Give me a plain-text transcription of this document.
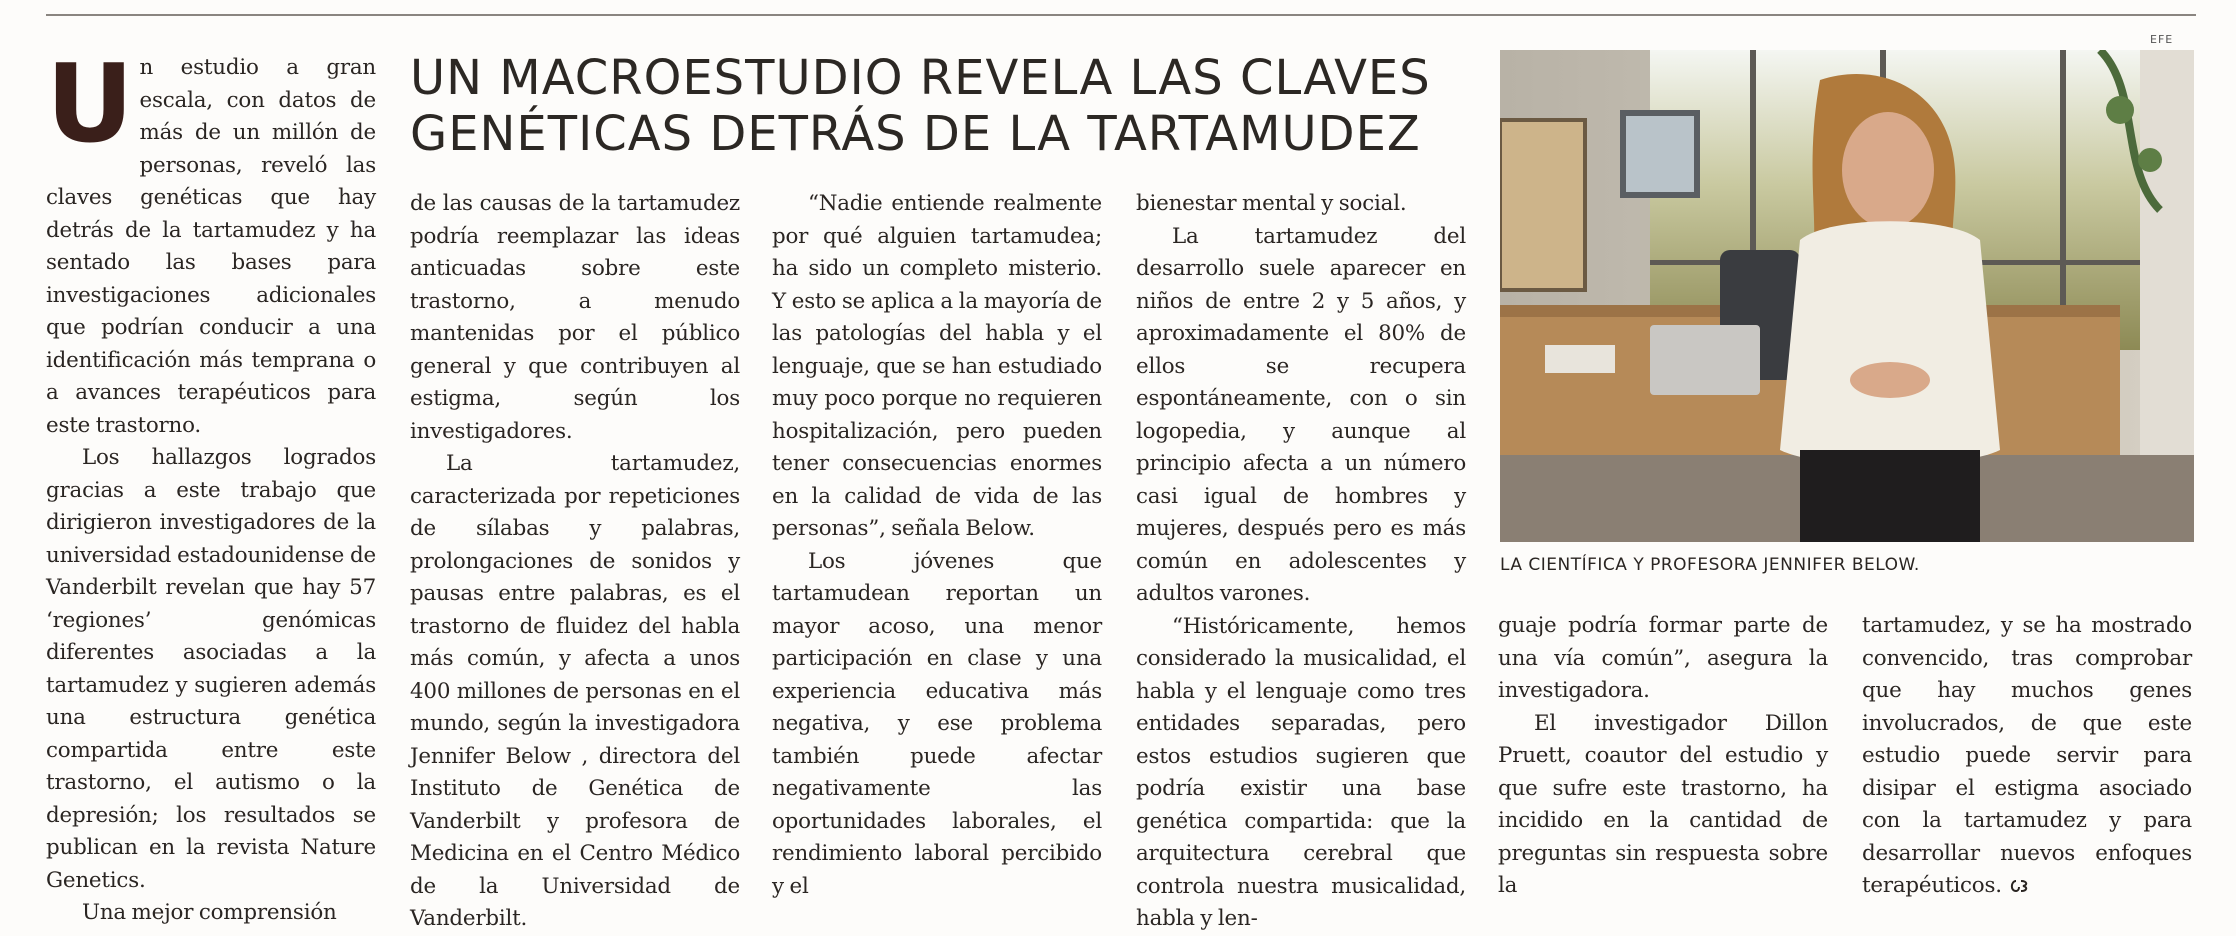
UN MACROESTUDIO REVELA LAS CLAVES
GENÉTICAS DETRÁS DE LA TARTAMUDEZ

Un estudio a gran escala, con datos de más de un millón de personas, reveló las claves genéticas que hay detrás de la tartamudez y ha sentado las bases para investigaciones adicionales que podrían conducir a una identificación más temprana o a avances terapéuticos para este trastorno.

Los hallazgos logrados gracias a este trabajo que dirigieron investigadores de la universidad estadounidense de Vanderbilt revelan que hay 57 ‘regiones’ genómicas diferentes asociadas a la tartamudez y sugieren además una estructura genética compartida entre este trastorno, el autismo o la depresión; los resultados se publican en la revista Nature Genetics.

Una mejor comprensión

de las causas de la tartamudez podría reemplazar las ideas anticuadas sobre este trastorno, a menudo mantenidas por el público general y que contribuyen al estigma, según los investigadores.

La tartamudez, caracterizada por repeticiones de sílabas y palabras, prolongaciones de sonidos y pausas entre palabras, es el trastorno de fluidez del habla más común, y afecta a unos 400 millones de personas en el mundo, según la investigadora Jennifer Below , directora del Instituto de Genética de Vanderbilt y profesora de Medicina en el Centro Médico de la Universidad de Vanderbilt.

“Nadie entiende realmente por qué alguien tartamudea; ha sido un completo misterio. Y esto se aplica a la mayoría de las patologías del habla y el lenguaje, que se han estudiado muy poco porque no requieren hospitalización, pero pueden tener consecuencias enormes en la calidad de vida de las personas”, señala Below.

Los jóvenes que tartamudean reportan un mayor acoso, una menor participación en clase y una experiencia educativa más negativa, y ese problema también puede afectar negativamente las oportunidades laborales, el rendimiento laboral percibido y el

bienestar mental y social.

La tartamudez del desarrollo suele aparecer en niños de entre 2 y 5 años, y aproximadamente el 80% de ellos se recupera espontáneamente, con o sin logopedia, y aunque al principio afecta a un número casi igual de hombres y mujeres, después pero es más común en adolescentes y adultos varones.

“Históricamente, hemos considerado la musicalidad, el habla y el lenguaje como tres entidades separadas, pero estos estudios sugieren que podría existir una base genética compartida: que la arquitectura cerebral que controla nuestra musicalidad, habla y len-

guaje podría formar parte de una vía común”, asegura la investigadora.

El investigador Dillon Pruett, coautor del estudio y que sufre este trastorno, ha incidido en la cantidad de preguntas sin respuesta sobre la

tartamudez, y se ha mostrado convencido, tras comprobar que hay muchos genes involucrados, de que este estudio puede servir para disipar el estigma asociado con la tartamudez y para desarrollar nuevos enfoques terapéuticos.

EFE
LA CIENTÍFICA Y PROFESORA JENNIFER BELOW.
